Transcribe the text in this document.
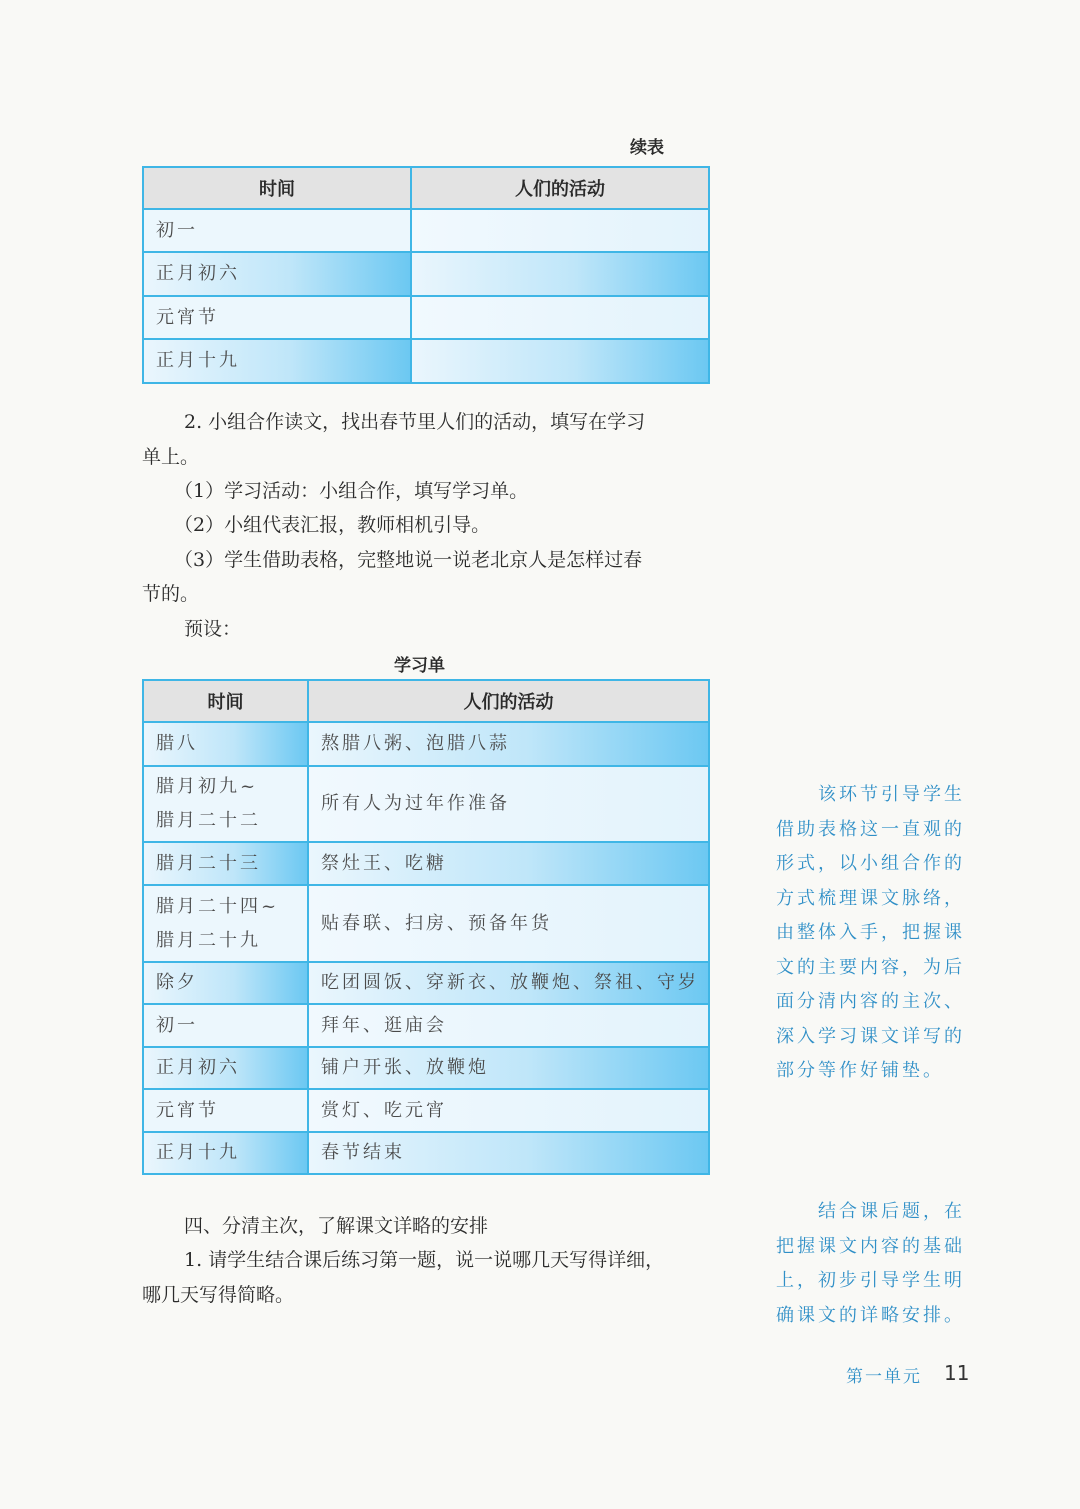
续表
时间	人们的活动
初一	
正月初六	
元宵节	
正月十九	

2. 小组合作读文，找出春节里人们的活动，填写在学习

单上。

（1）学习活动：小组合作，填写学习单。

（2）小组代表汇报，教师相机引导。

（3）学生借助表格，完整地说一说老北京人是怎样过春

节的。

预设：

学习单
时间	人们的活动
腊八	熬腊八粥、泡腊八蒜
腊月初九~
腊月二十二	所有人为过年作准备
腊月二十三	祭灶王、吃糖
腊月二十四~
腊月二十九	贴春联、扫房、预备年货
除夕	吃团圆饭、穿新衣、放鞭炮、祭祖、守岁
初一	拜年、逛庙会
正月初六	铺户开张、放鞭炮
元宵节	赏灯、吃元宵
正月十九	春节结束

四、分清主次，了解课文详略的安排

1. 请学生结合课后练习第一题，说一说哪几天写得详细，

哪几天写得简略。

该环节引导学生
借助表格这一直观的
形式，以小组合作的
方式梳理课文脉络，
由整体入手，把握课
文的主要内容，为后
面分清内容的主次、
深入学习课文详写的
部分等作好铺垫。
结合课后题，在
把握课文内容的基础
上，初步引导学生明
确课文的详略安排。
第一单元 11
